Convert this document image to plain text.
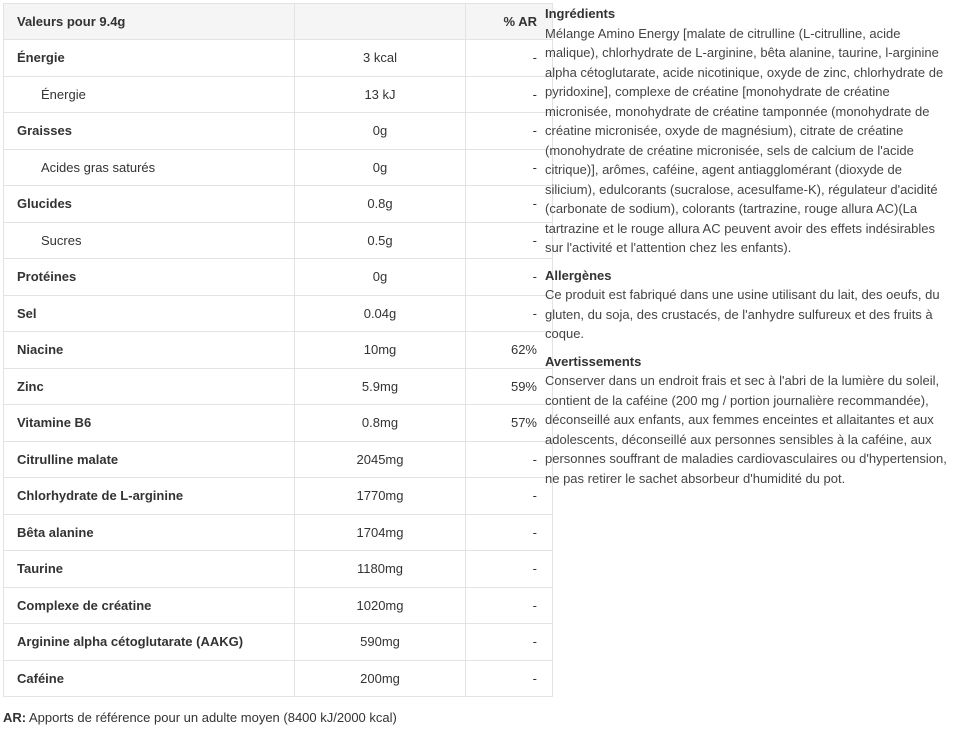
Valeurs pour 9.4g		% AR
Énergie	3 kcal	-
Énergie	13 kJ	-
Graisses	0g	-
Acides gras saturés	0g	-
Glucides	0.8g	-
Sucres	0.5g	-
Protéines	0g	-
Sel	0.04g	-
Niacine	10mg	62%
Zinc	5.9mg	59%
Vitamine B6	0.8mg	57%
Citrulline malate	2045mg	-
Chlorhydrate de L-arginine	1770mg	-
Bêta alanine	1704mg	-
Taurine	1180mg	-
Complexe de créatine	1020mg	-
Arginine alpha cétoglutarate (AAKG)	590mg	-
Caféine	200mg	-
AR: Apports de référence pour un adulte moyen (8400 kJ/2000 kcal)
Ingrédients

Mélange Amino Energy [malate de citrulline (L-citrulline, acide malique), chlorhydrate de L-arginine, bêta alanine, taurine, l-arginine alpha cétoglutarate, acide nicotinique, oxyde de zinc, chlorhydrate de pyridoxine], complexe de créatine [monohydrate de créatine micronisée, monohydrate de créatine tamponnée (monohydrate de créatine micronisée, oxyde de magnésium), citrate de créatine (monohydrate de créatine micronisée, sels de calcium de l'acide citrique)], arômes, caféine, agent antiagglomérant (dioxyde de silicium), edulcorants (sucralose, acesulfame-K), régulateur d'acidité (carbonate de sodium), colorants (tartrazine, rouge allura AC)(La tartrazine et le rouge allura AC peuvent avoir des effets indésirables sur l'activité et l'attention chez les enfants).

Allergènes

Ce produit est fabriqué dans une usine utilisant du lait, des oeufs, du gluten, du soja, des crustacés, de l'anhydre sulfureux et des fruits à coque.

Avertissements

Conserver dans un endroit frais et sec à l'abri de la lumière du soleil, contient de la caféine (200 mg / portion journalière recommandée), déconseillé aux enfants, aux femmes enceintes et allaitantes et aux adolescents, déconseillé aux personnes sensibles à la caféine, aux personnes souffrant de maladies cardiovasculaires ou d'hypertension, ne pas retirer le sachet absorbeur d'humidité du pot.
